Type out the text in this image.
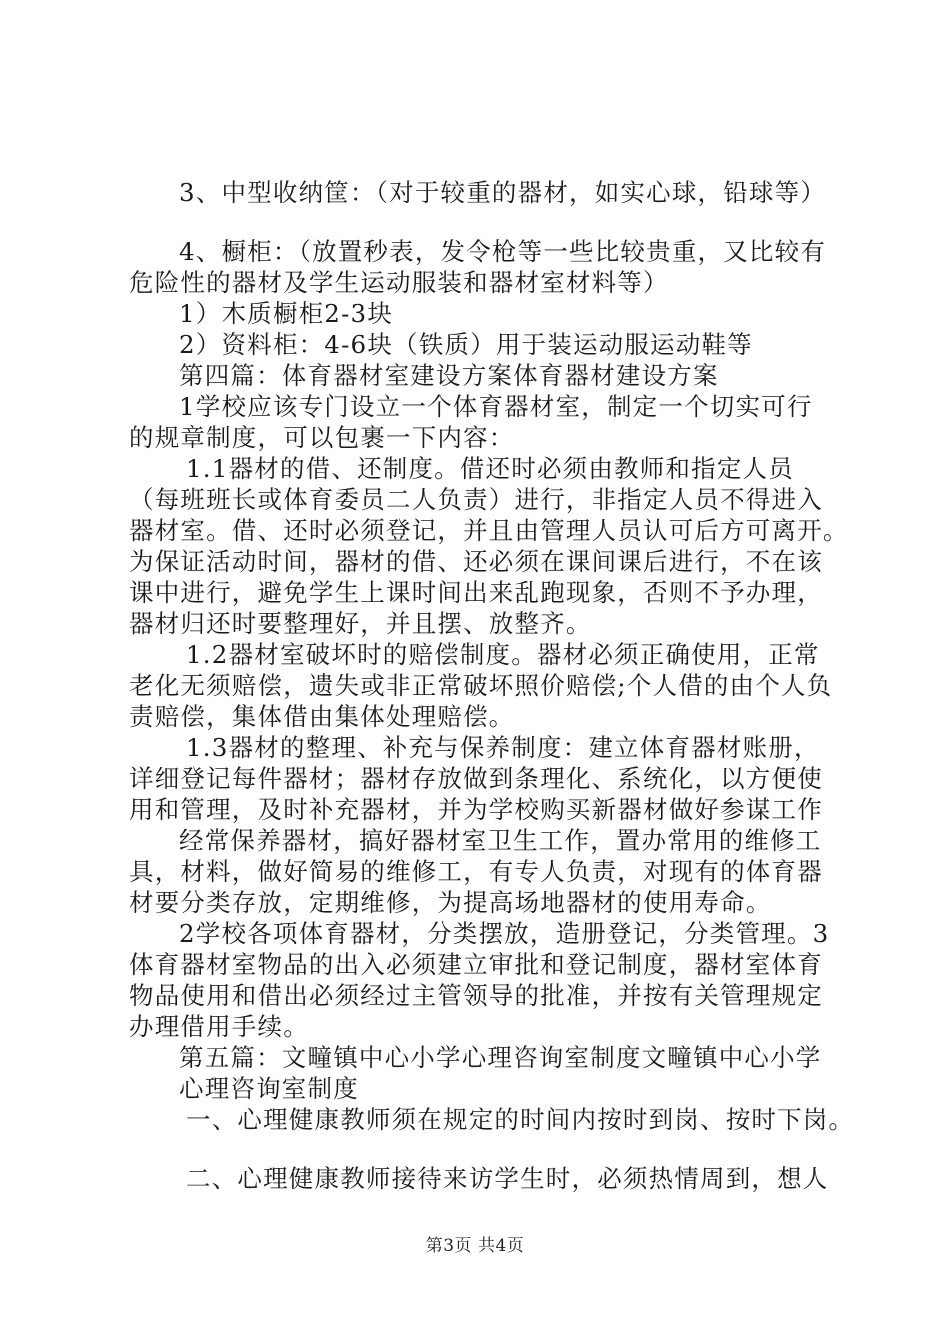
3、中型收纳筐：（对于较重的器材，如实心球，铅球等）
4、橱柜：（放置秒表，发令枪等一些比较贵重，又比较有
危险性的器材及学生运动服装和器材室材料等）
1）木质橱柜2-3块
2）资料柜：4-6块（铁质）用于装运动服运动鞋等
第四篇：体育器材室建设方案体育器材建设方案
1学校应该专门设立一个体育器材室，制定一个切实可行
的规章制度，可以包裹一下内容：
1.1器材的借、还制度。借还时必须由教师和指定人员
（每班班长或体育委员二人负责）进行，非指定人员不得进入
器材室。借、还时必须登记，并且由管理人员认可后方可离开。
为保证活动时间，器材的借、还必须在课间课后进行，不在该
课中进行，避免学生上课时间出来乱跑现象，否则不予办理，
器材归还时要整理好，并且摆、放整齐。
1.2器材室破坏时的赔偿制度。器材必须正确使用，正常
老化无须赔偿，遗失或非正常破坏照价赔偿;个人借的由个人负
责赔偿，集体借由集体处理赔偿。
1.3器材的整理、补充与保养制度：建立体育器材账册，
详细登记每件器材；器材存放做到条理化、系统化，以方便使
用和管理，及时补充器材，并为学校购买新器材做好参谋工作
经常保养器材，搞好器材室卫生工作，置办常用的维修工
具，材料，做好简易的维修工，有专人负责，对现有的体育器
材要分类存放，定期维修，为提高场地器材的使用寿命。
2学校各项体育器材，分类摆放，造册登记，分类管理。3
体育器材室物品的出入必须建立审批和登记制度，器材室体育
物品使用和借出必须经过主管领导的批准，并按有关管理规定
办理借用手续。
第五篇：文疃镇中心小学心理咨询室制度文疃镇中心小学
心理咨询室制度
一、心理健康教师须在规定的时间内按时到岗、按时下岗。
二、心理健康教师接待来访学生时，必须热情周到，想人
第3页 共4页
